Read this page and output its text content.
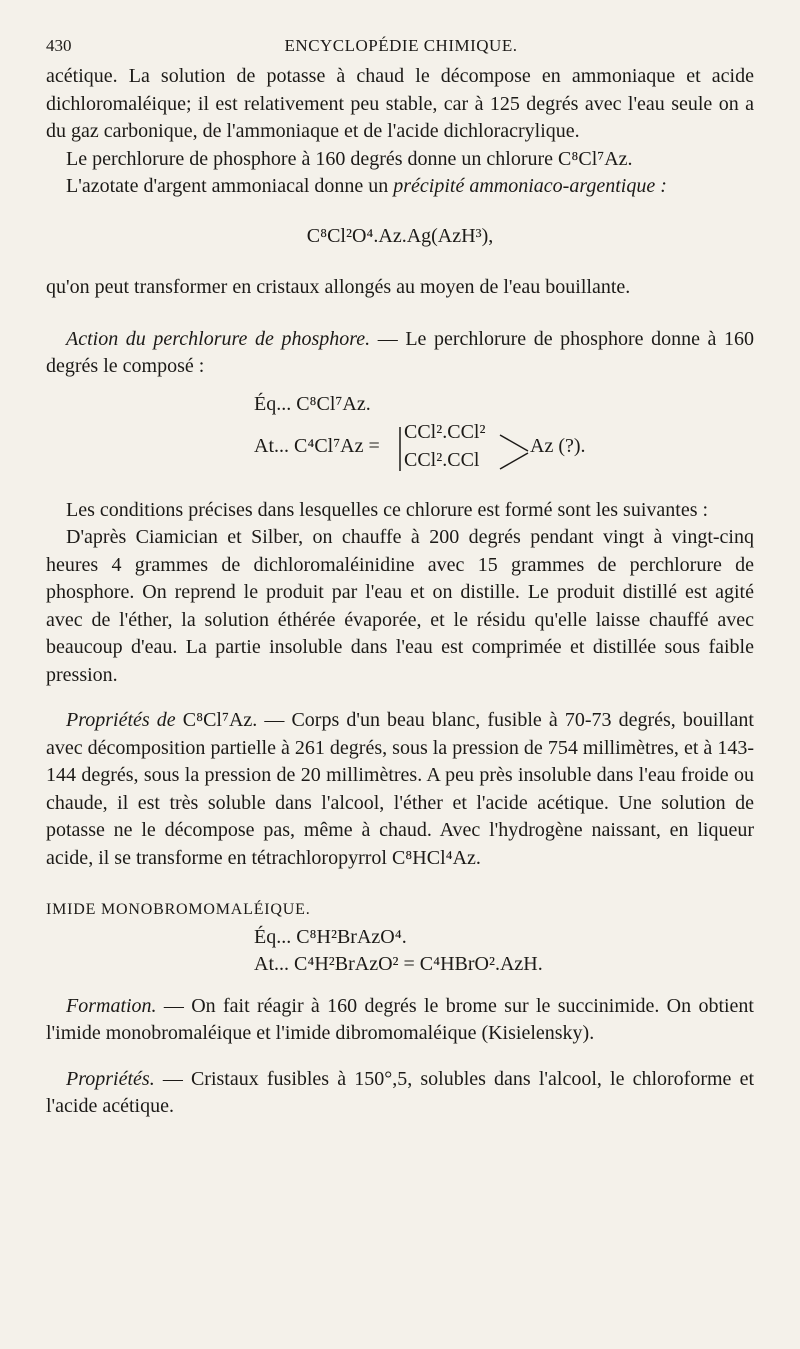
430	ENCYCLOPÉDIE CHIMIQUE.

acétique. La solution de potasse à chaud le décompose en ammoniaque et acide dichloromaléique; il est relativement peu stable, car à 125 degrés avec l'eau seule on a du gaz carbonique, de l'ammoniaque et de l'acide dichloracrylique.

Le perchlorure de phosphore à 160 degrés donne un chlorure C⁸Cl⁷Az.

L'azotate d'argent ammoniacal donne un précipité ammoniaco-argentique :

C⁸Cl²O⁴.Az.Ag(AzH³),

qu'on peut transformer en cristaux allongés au moyen de l'eau bouillante.

Action du perchlorure de phosphore. — Le perchlorure de phosphore donne à 160 degrés le composé :

Éq... C⁸Cl⁷Az.
CCl².CCl²
At... C⁴Cl⁷Az =
CCl².CCl
Az (?).

Les conditions précises dans lesquelles ce chlorure est formé sont les suivantes :

D'après Ciamician et Silber, on chauffe à 200 degrés pendant vingt à vingt-cinq heures 4 grammes de dichloromaléinidine avec 15 grammes de perchlorure de phosphore. On reprend le produit par l'eau et on distille. Le produit distillé est agité avec de l'éther, la solution éthérée évaporée, et le résidu qu'elle laisse chauffé avec beaucoup d'eau. La partie insoluble dans l'eau est comprimée et distillée sous faible pression.

Propriétés de C⁸Cl⁷Az. — Corps d'un beau blanc, fusible à 70-73 degrés, bouillant avec décomposition partielle à 261 degrés, sous la pression de 754 millimètres, et à 143-144 degrés, sous la pression de 20 millimètres. A peu près insoluble dans l'eau froide ou chaude, il est très soluble dans l'alcool, l'éther et l'acide acétique. Une solution de potasse ne le décompose pas, même à chaud. Avec l'hydrogène naissant, en liqueur acide, il se transforme en tétrachloropyrrol C⁸HCl⁴Az.

IMIDE MONOBROMOMALÉIQUE.

Éq... C⁸H²BrAzO⁴.
At... C⁴H²BrAzO² = C⁴HBrO².AzH.

Formation. — On fait réagir à 160 degrés le brome sur le succinimide. On obtient l'imide monobromaléique et l'imide dibromomaléique (Kisielensky).

Propriétés. — Cristaux fusibles à 150°,5, solubles dans l'alcool, le chloroforme et l'acide acétique.
